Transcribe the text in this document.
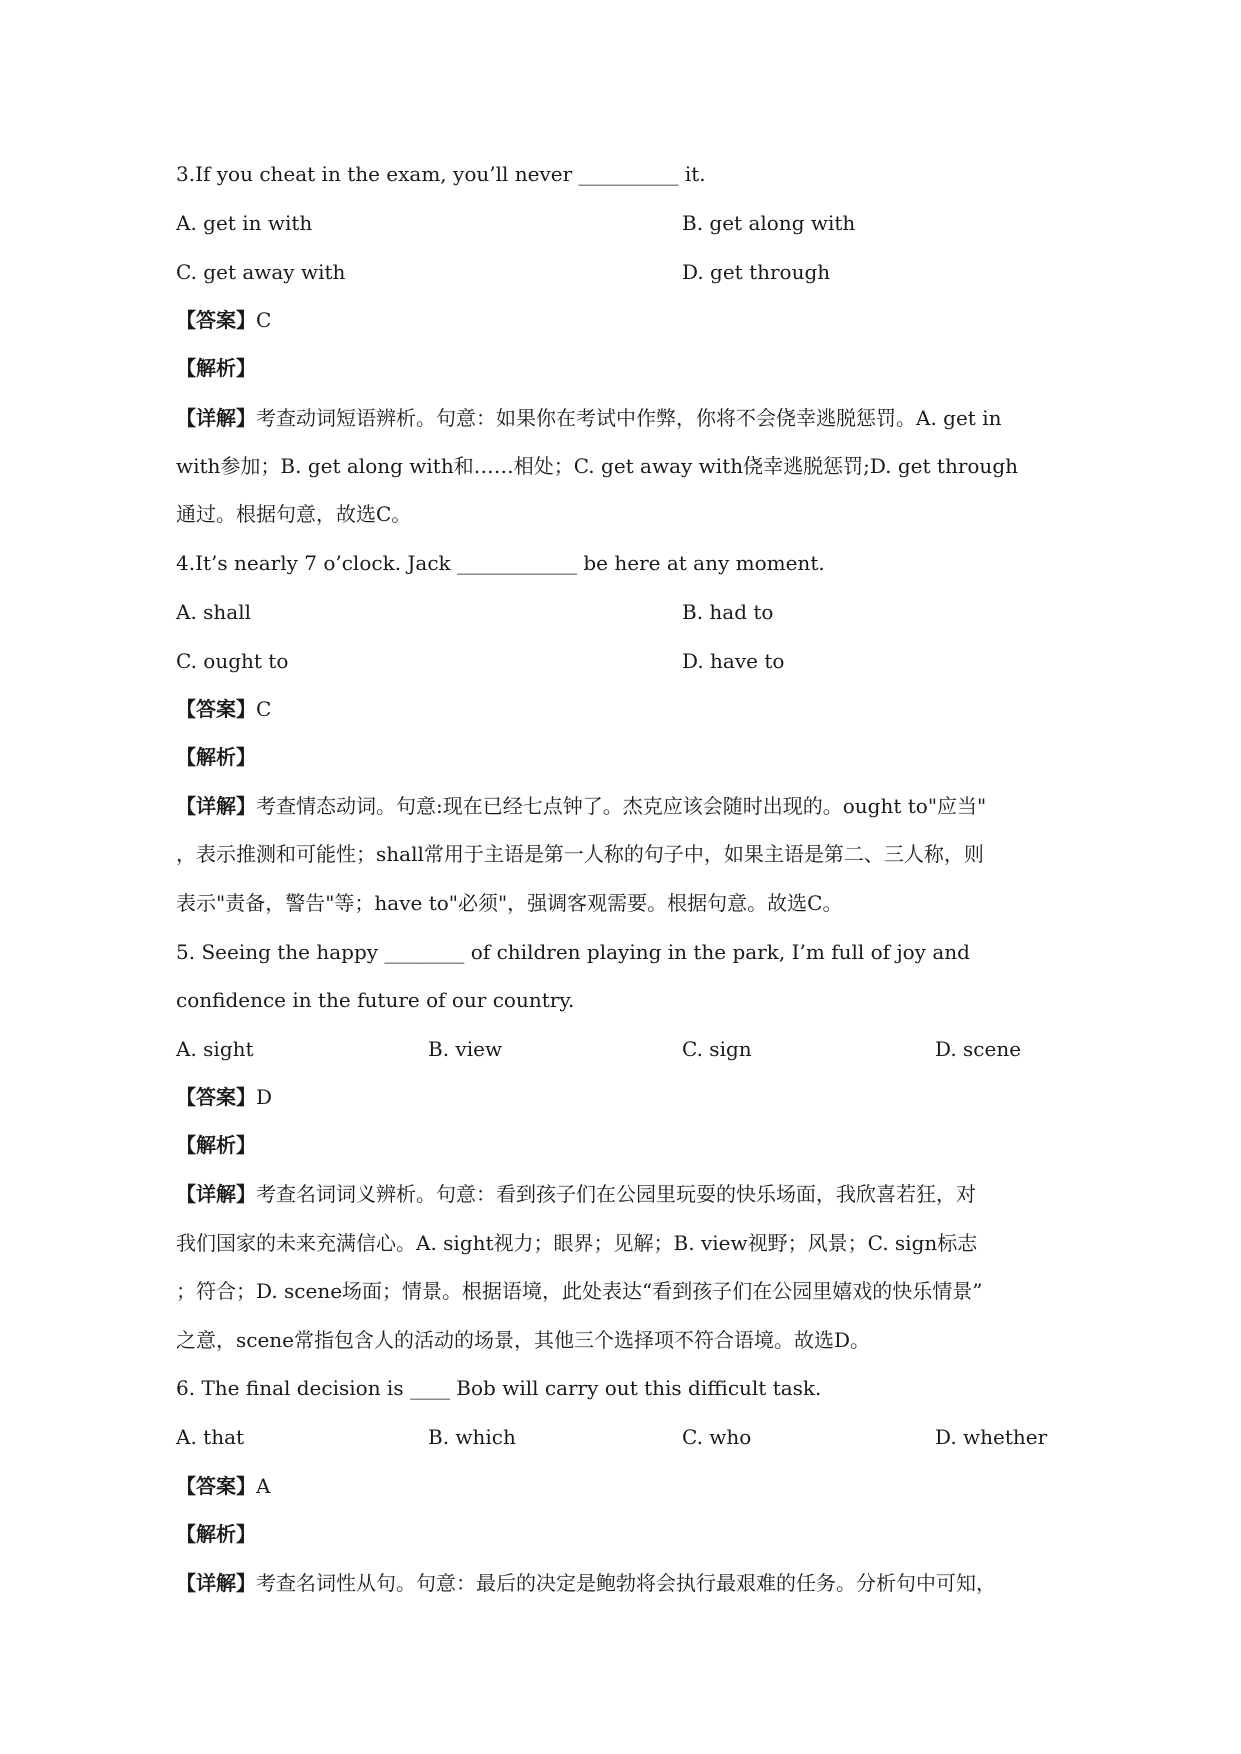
3.If you cheat in the exam, you’ll never __________ it.
A. get in with	B. get along with
C. get away with	D. get through
【答案】C
【解析】
【详解】考查动词短语辨析。句意：如果你在考试中作弊，你将不会侥幸逃脱惩罚。A. get in
with参加；B. get along with和……相处；C. get away with侥幸逃脱惩罚;D. get through
通过。根据句意，故选C。
4.It’s nearly 7 o’clock. Jack ____________ be here at any moment.
A. shall	B. had to
C. ought to	D. have to
【答案】C
【解析】
【详解】考查情态动词。句意:现在已经七点钟了。杰克应该会随时出现的。ought to"应当"
，表示推测和可能性；shall常用于主语是第一人称的句子中，如果主语是第二、三人称，则
表示"责备，警告"等；have to"必须"，强调客观需要。根据句意。故选C。
5. Seeing the happy ________ of children playing in the park, I’m full of joy and
confidence in the future of our country.
A. sight	B. view	C. sign	D. scene
【答案】D
【解析】
【详解】考查名词词义辨析。句意：看到孩子们在公园里玩耍的快乐场面，我欣喜若狂，对
我们国家的未来充满信心。A. sight视力；眼界；见解；B. view视野；风景；C. sign标志
；符合；D. scene场面；情景。根据语境，此处表达“看到孩子们在公园里嬉戏的快乐情景”
之意，scene常指包含人的活动的场景，其他三个选择项不符合语境。故选D。
6. The final decision is ____ Bob will carry out this difficult task.
A. that	B. which	C. who	D. whether
【答案】A
【解析】
【详解】考查名词性从句。句意：最后的决定是鲍勃将会执行最艰难的任务。分析句中可知，
